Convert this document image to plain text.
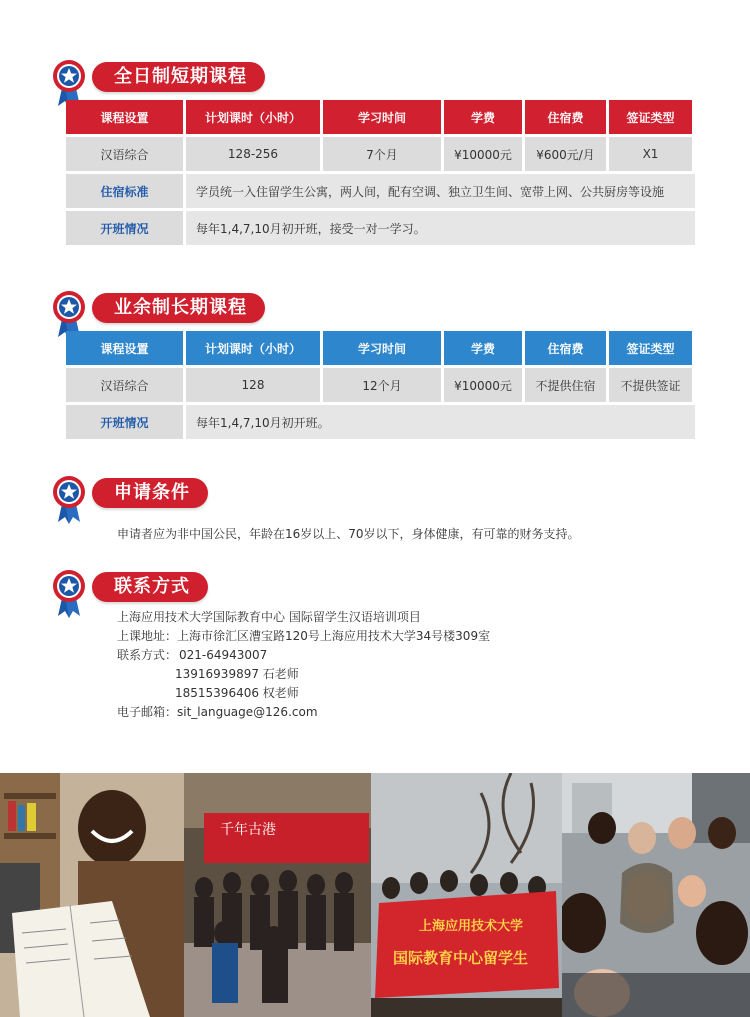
全日制短期课程
课程设置	计划课时（小时）	学习时间	学费	住宿费	签证类型
汉语综合	128-256	7个月	¥10000元	¥600元/月	X1
住宿标准	学员统一入住留学生公寓，两人间，配有空调、独立卫生间、宽带上网、公共厨房等设施
开班情况	每年1,4,7,10月初开班，接受一对一学习。
业余制长期课程
课程设置	计划课时（小时）	学习时间	学费	住宿费	签证类型
汉语综合	128	12个月	¥10000元	不提供住宿	不提供签证
开班情况	每年1,4,7,10月初开班。
申请条件
申请者应为非中国公民，年龄在16岁以上、70岁以下，身体健康，有可靠的财务支持。
联系方式
上海应用技术大学国际教育中心 国际留学生汉语培训项目
上课地址：上海市徐汇区漕宝路120号上海应用技术大学34号楼309室
联系方式： 021-64943007
13916939897 石老师
18515396406 权老师
电子邮箱：sit_language@126.com
千年古港
上海应用技术大学
国际教育中心留学生
